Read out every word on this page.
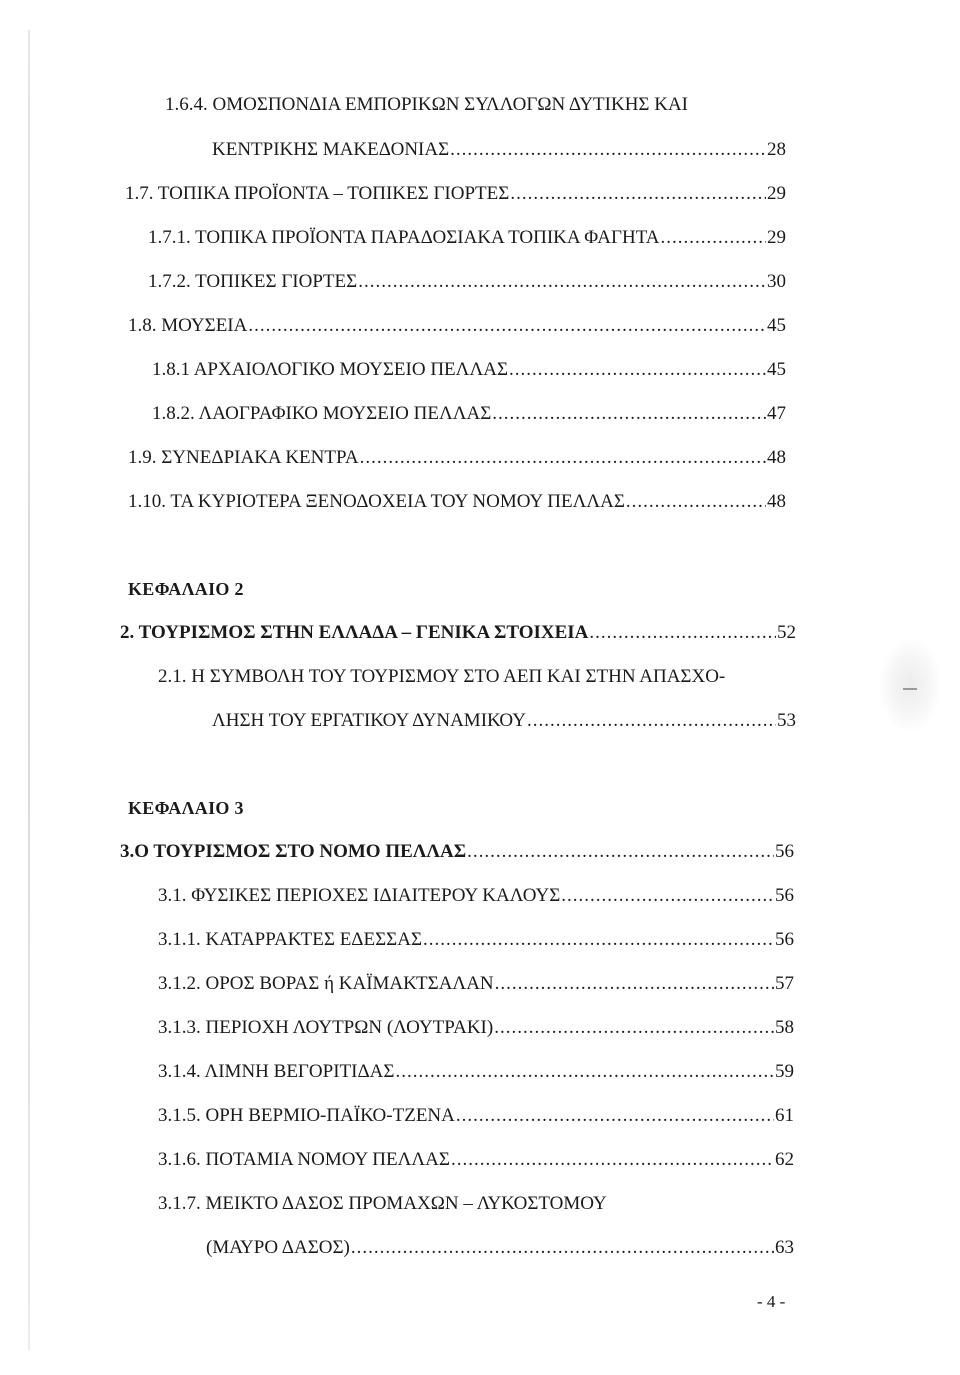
1.6.4. ΟΜΟΣΠΟΝΔΙΑ ΕΜΠΟΡΙΚΩΝ ΣΥΛΛΟΓΩΝ ΔΥΤΙΚΗΣ ΚΑΙ
ΚΕΝΤΡΙΚΗΣ ΜΑΚΕΔΟΝΙΑΣ .....	28
1.7. ΤΟΠΙΚΑ ΠΡΟΪΟΝΤΑ – ΤΟΠΙΚΕΣ ΓΙΟΡΤΕΣ .....	29
1.7.1. ΤΟΠΙΚΑ ΠΡΟΪΟΝΤΑ ΠΑΡΑΔΟΣΙΑΚΑ ΤΟΠΙΚΑ ΦΑΓΗΤΑ .....	29
1.7.2. ΤΟΠΙΚΕΣ ΓΙΟΡΤΕΣ .....	30
1.8. ΜΟΥΣΕΙΑ .....	45
1.8.1 ΑΡΧΑΙΟΛΟΓΙΚΟ ΜΟΥΣΕΙΟ ΠΕΛΛΑΣ .....	45
1.8.2. ΛΑΟΓΡΑΦΙΚΟ ΜΟΥΣΕΙΟ ΠΕΛΛΑΣ .....	47
1.9. ΣΥΝΕΔΡΙΑΚΑ ΚΕΝΤΡΑ .....	48
1.10. ΤΑ ΚΥΡΙΟΤΕΡΑ ΞΕΝΟΔΟΧΕΙΑ ΤΟΥ ΝΟΜΟΥ ΠΕΛΛΑΣ .....	48
ΚΕΦΑΛΑΙΟ 2
2. ΤΟΥΡΙΣΜΟΣ ΣΤΗΝ ΕΛΛΑΔΑ – ΓΕΝΙΚΑ ΣΤΟΙΧΕΙΑ .....	52
2.1. Η ΣΥΜΒΟΛΗ ΤΟΥ ΤΟΥΡΙΣΜΟΥ ΣΤΟ ΑΕΠ ΚΑΙ ΣΤΗΝ ΑΠΑΣΧΟ-
ΛΗΣΗ ΤΟΥ ΕΡΓΑΤΙΚΟΥ ΔΥΝΑΜΙΚΟΥ .....	53
ΚΕΦΑΛΑΙΟ 3
3.Ο ΤΟΥΡΙΣΜΟΣ ΣΤΟ ΝΟΜΟ ΠΕΛΛΑΣ .....	56
3.1. ΦΥΣΙΚΕΣ ΠΕΡΙΟΧΕΣ ΙΔΙΑΙΤΕΡΟΥ ΚΑΛΟΥΣ .....	56
3.1.1. ΚΑΤΑΡΡΑΚΤΕΣ ΕΔΕΣΣΑΣ .....	56
3.1.2. ΟΡΟΣ ΒΟΡΑΣ ή ΚΑΪΜΑΚΤΣΑΛΑΝ .....	57
3.1.3. ΠΕΡΙΟΧΗ ΛΟΥΤΡΩΝ (ΛΟΥΤΡΑΚΙ) .....	58
3.1.4. ΛΙΜΝΗ ΒΕΓΟΡΙΤΙΔΑΣ .....	59
3.1.5. ΟΡΗ ΒΕΡΜΙΟ-ΠΑΪΚΟ-ΤΖΕΝΑ .....	61
3.1.6. ΠΟΤΑΜΙΑ ΝΟΜΟΥ ΠΕΛΛΑΣ .....	62
3.1.7. ΜΕΙΚΤΟ ΔΑΣΟΣ ΠΡΟΜΑΧΩΝ – ΛΥΚΟΣΤΟΜΟΥ
(ΜΑΥΡΟ ΔΑΣΟΣ) .....	63
- 4 -
